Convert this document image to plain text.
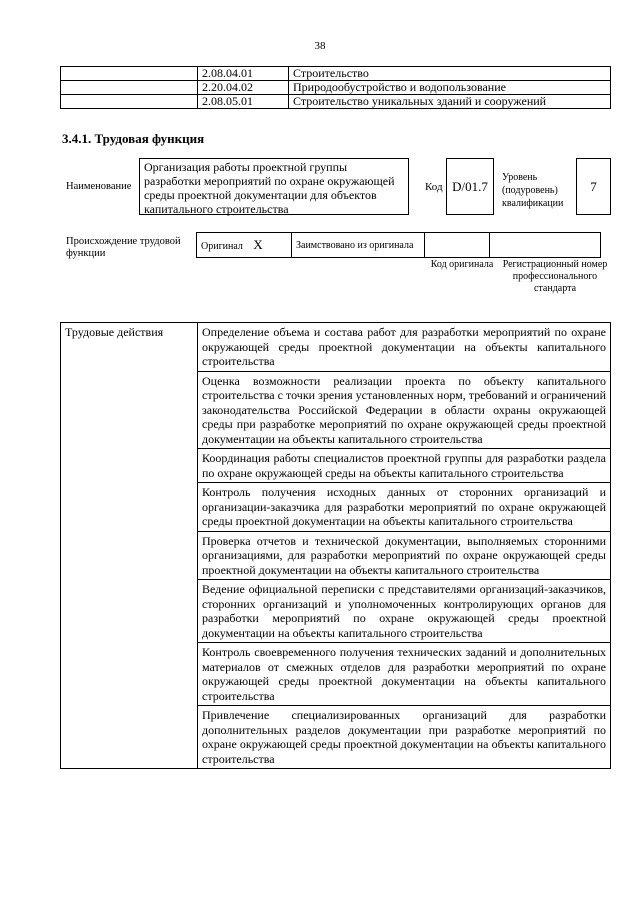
38
	2.08.04.01	Строительство
	2.20.04.02	Природообустройство и водопользование
	2.08.05.01	Строительство уникальных зданий и сооружений
3.4.1. Трудовая функция
Наименование
Организация работы проектной группы разработки мероприятий по охране окружающей среды проектной документации для объектов капитального строительства
Код D/01.7
Уровень (подуровень) квалификации
7
Происхождение трудовой функции
Оригинал X	Заимствовано из оригинала		
Код оригинала Регистрационный номер профессионального стандарта
Трудовые действия	Определение объема и состава работ для разработки мероприятий по охране окружающей среды проектной документации на объекты капитального строительства
Оценка возможности реализации проекта по объекту капитального строительства с точки зрения установленных норм, требований и ограничений законодательства Российской Федерации в области охраны окружающей среды при разработке мероприятий по охране окружающей среды проектной документации на объекты капитального строительства
Координация работы специалистов проектной группы для разработки раздела по охране окружающей среды на объекты капитального строительства
Контроль получения исходных данных от сторонних организаций и организации-заказчика для разработки мероприятий по охране окружающей среды проектной документации на объекты капитального строительства
Проверка отчетов и технической документации, выполняемых сторонними организациями, для разработки мероприятий по охране окружающей среды проектной документации на объекты капитального строительства
Ведение официальной переписки с представителями организаций-заказчиков, сторонних организаций и уполномоченных контролирующих органов для разработки мероприятий по охране окружающей среды проектной документации на объекты капитального строительства
Контроль своевременного получения технических заданий и дополнительных материалов от смежных отделов для разработки мероприятий по охране окружающей среды проектной документации на объекты капитального строительства
Привлечение специализированных организаций для разработки дополнительных разделов документации при разработке мероприятий по охране окружающей среды проектной документации на объекты капитального строительства
